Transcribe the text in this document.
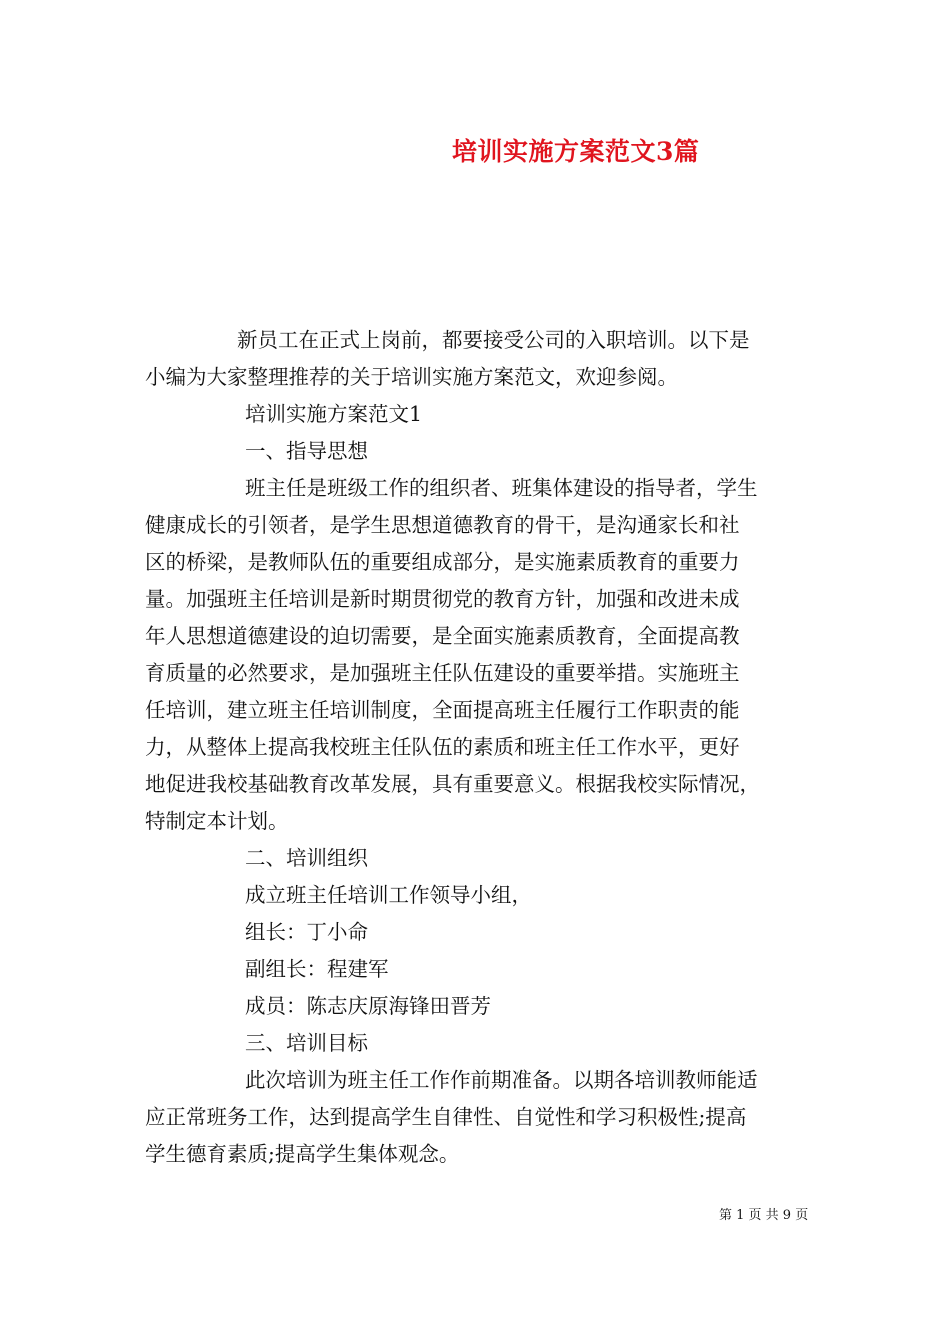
培训实施方案范文3篇
新员工在正式上岗前，都要接受公司的入职培训。以下是
小编为大家整理推荐的关于培训实施方案范文，欢迎参阅。
培训实施方案范文1
一、指导思想
班主任是班级工作的组织者、班集体建设的指导者，学生
健康成长的引领者，是学生思想道德教育的骨干，是沟通家长和社
区的桥梁，是教师队伍的重要组成部分，是实施素质教育的重要力
量。加强班主任培训是新时期贯彻党的教育方针，加强和改进未成
年人思想道德建设的迫切需要，是全面实施素质教育，全面提高教
育质量的必然要求，是加强班主任队伍建设的重要举措。实施班主
任培训，建立班主任培训制度，全面提高班主任履行工作职责的能
力，从整体上提高我校班主任队伍的素质和班主任工作水平，更好
地促进我校基础教育改革发展，具有重要意义。根据我校实际情况，
特制定本计划。
二、培训组织
成立班主任培训工作领导小组，
组长：丁小命
副组长：程建军
成员：陈志庆原海锋田晋芳
三、培训目标
此次培训为班主任工作作前期准备。以期各培训教师能适
应正常班务工作，达到提高学生自律性、自觉性和学习积极性;提高
学生德育素质;提高学生集体观念。
第 1 页 共 9 页
